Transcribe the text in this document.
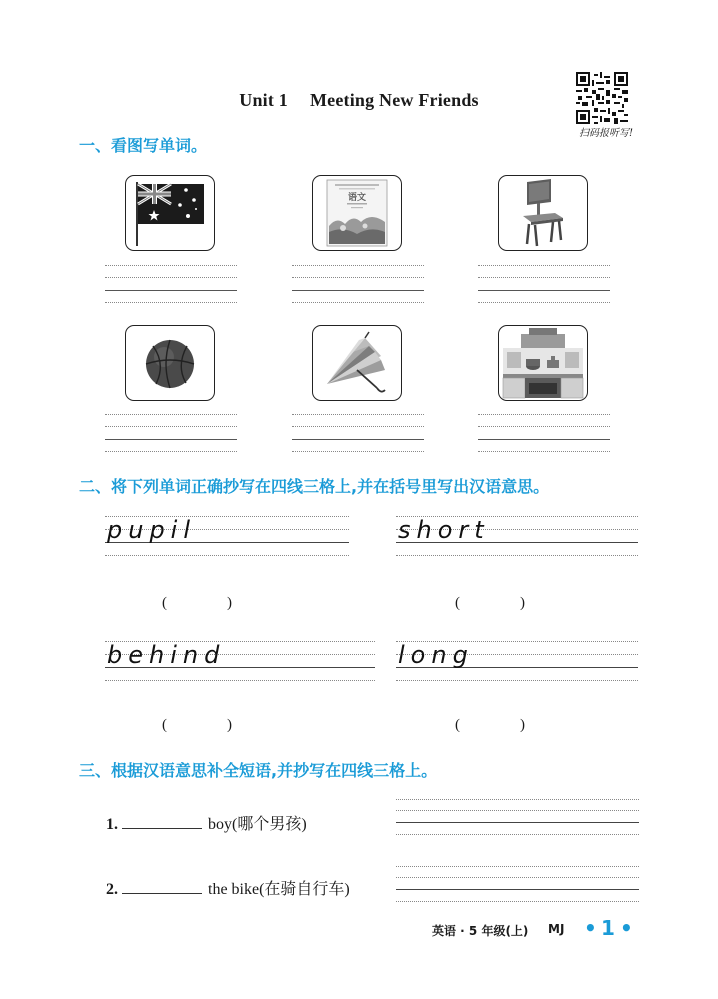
Unit 1 Meeting New Friends
扫码报听写!
一、看图写单词。
语文
二、将下列单词正确抄写在四线三格上,并在括号里写出汉语意思。
pupil	short
(　　　　)	(　　　　)
behind	long
(　　　　)	(　　　　)
三、根据汉语意思补全短语,并抄写在四线三格上。
1.	boy(哪个男孩)
2.	the bike(在骑自行车)
英语 · 5 年级(上) MJ • 1 •
